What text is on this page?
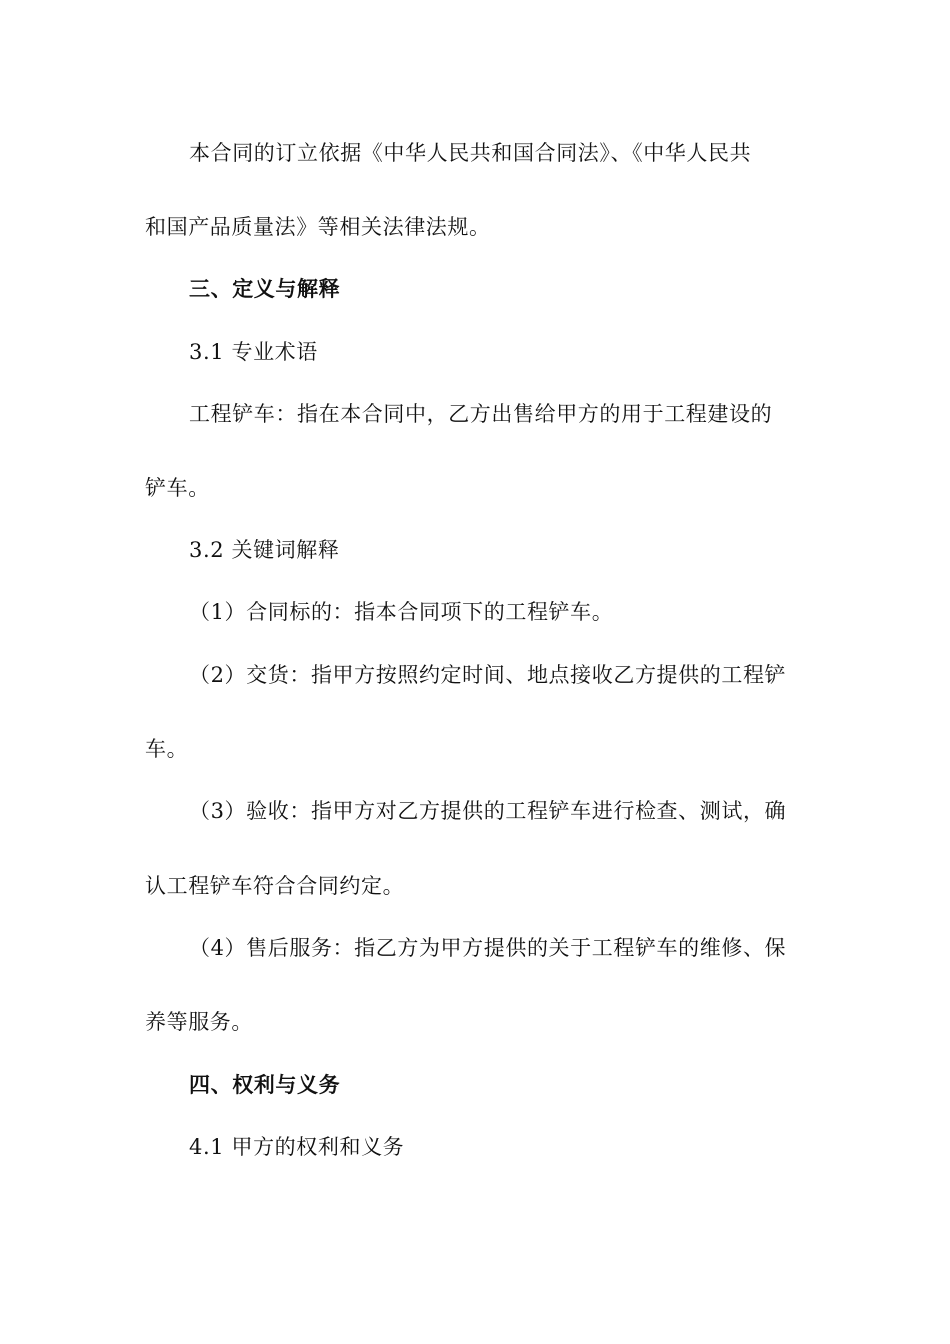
本合同的订立依据《中华人民共和国合同法》、《中华人民共
和国产品质量法》等相关法律法规。
三、定义与解释
3.1 专业术语
工程铲车：指在本合同中，乙方出售给甲方的用于工程建设的
铲车。
3.2 关键词解释
（1）合同标的：指本合同项下的工程铲车。
（2）交货：指甲方按照约定时间、地点接收乙方提供的工程铲
车。
（3）验收：指甲方对乙方提供的工程铲车进行检查、测试，确
认工程铲车符合合同约定。
（4）售后服务：指乙方为甲方提供的关于工程铲车的维修、保
养等服务。
四、权利与义务
4.1 甲方的权利和义务
